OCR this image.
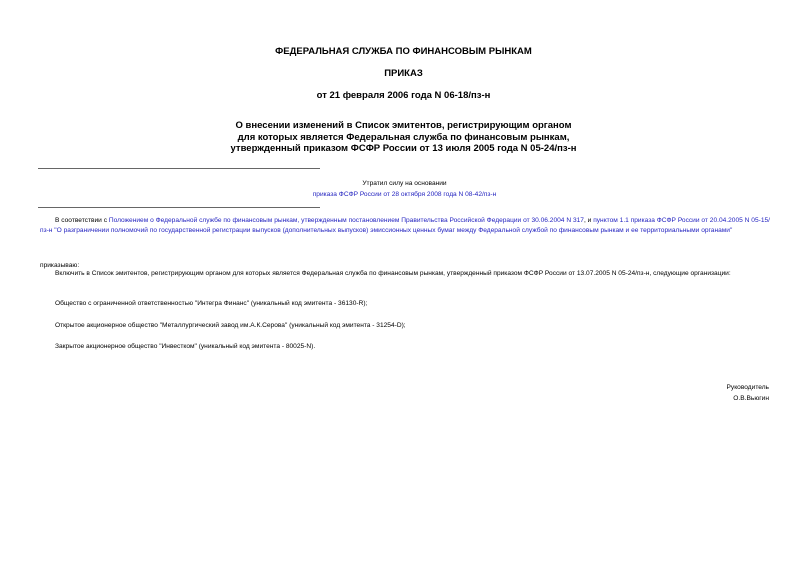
ФЕДЕРАЛЬНАЯ СЛУЖБА ПО ФИНАНСОВЫМ РЫНКАМ
ПРИКАЗ
от 21 февраля 2006 года N 06-18/пз-н
О внесении изменений в Список эмитентов, регистрирующим органом
для которых является Федеральная служба по финансовым рынкам,
утвержденный приказом ФСФР России от 13 июля 2005 года N 05-24/пз-н
Утратил силу на основании
приказа ФСФР России от 28 октября 2008 года N 08-42/пз-н
В соответствии с Положением о Федеральной службе по финансовым рынкам, утвержденным постановлением Правительства Российской Федерации от 30.06.2004 N 317, и пунктом 1.1 приказа ФСФР России от 20.04.2005 N 05-15/пз-н "О разграничении полномочий по государственной регистрации выпусков (дополнительных выпусков) эмиссионных ценных бумаг между Федеральной службой по финансовым рынкам и ее территориальными органами"
приказываю:
Включить в Список эмитентов, регистрирующим органом для которых является Федеральная служба по финансовым рынкам, утвержденный приказом ФСФР России от 13.07.2005 N 05-24/пз-н, следующие организации:
Общество с ограниченной ответственностью "Интегра Финанс" (уникальный код эмитента - 36130-R);
Открытое акционерное общество "Металлургический завод им.А.К.Серова" (уникальный код эмитента - 31254-D);
Закрытое акционерное общество "Инвестком" (уникальный код эмитента - 80025-N).
Руководитель
О.В.Вьюгин
